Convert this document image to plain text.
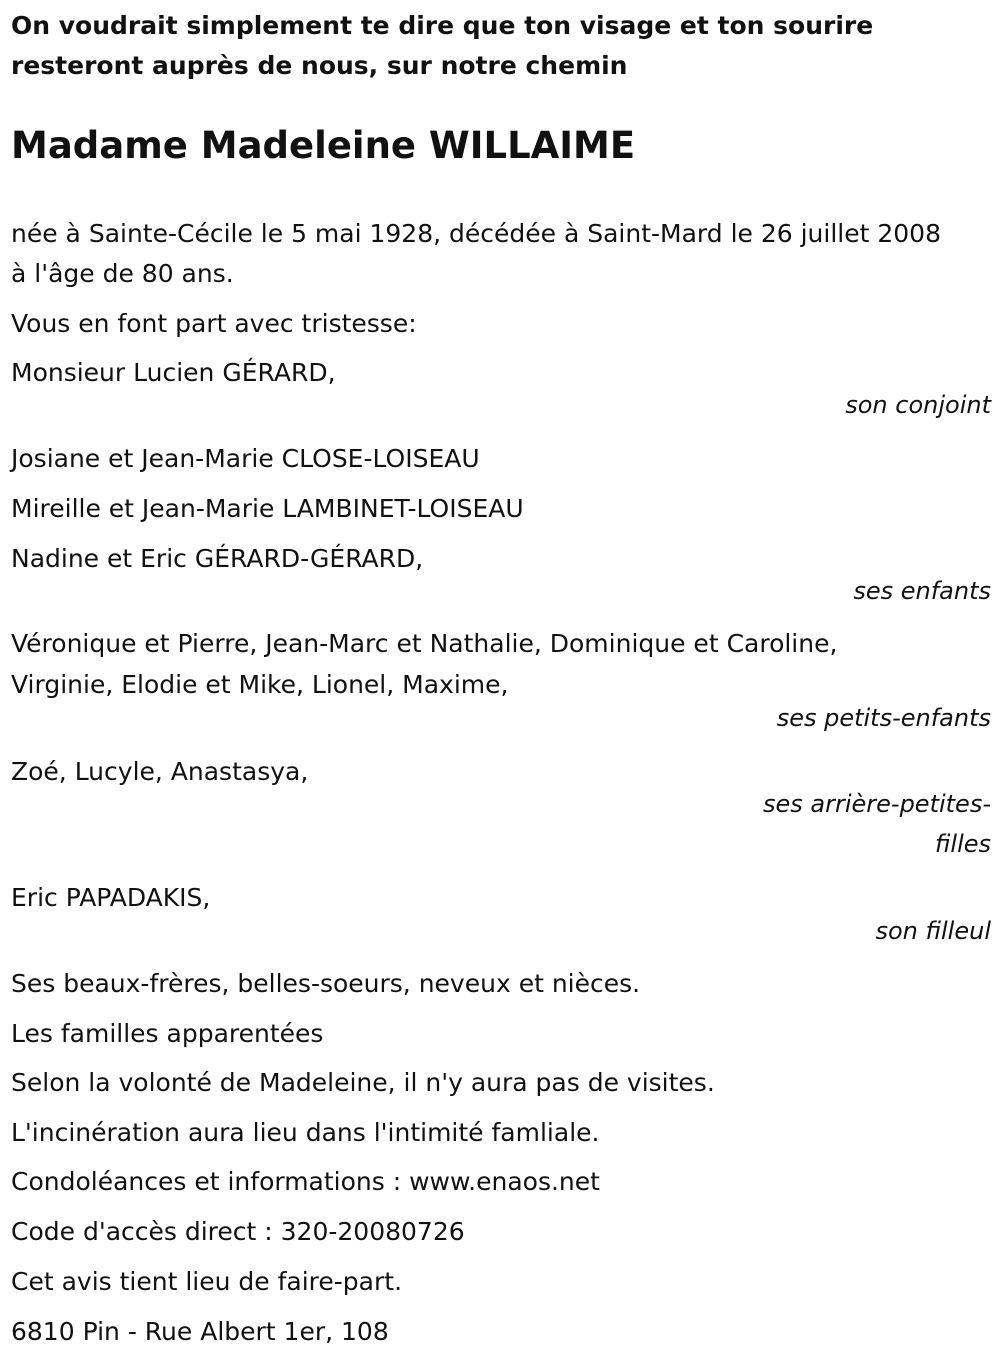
On voudrait simplement te dire que ton visage et ton sourire
resteront auprès de nous, sur notre chemin
Madame Madeleine WILLAIME
née à Sainte-Cécile le 5 mai 1928, décédée à Saint-Mard le 26 juillet 2008
à l'âge de 80 ans.
Vous en font part avec tristesse:
Monsieur Lucien GÉRARD,
son conjoint
Josiane et Jean-Marie CLOSE-LOISEAU
Mireille et Jean-Marie LAMBINET-LOISEAU
Nadine et Eric GÉRARD-GÉRARD,
ses enfants
Véronique et Pierre, Jean-Marc et Nathalie, Dominique et Caroline,
Virginie, Elodie et Mike, Lionel, Maxime,
ses petits-enfants
Zoé, Lucyle, Anastasya,
ses arrière-petites-
filles
Eric PAPADAKIS,
son filleul
Ses beaux-frères, belles-soeurs, neveux et nièces.
Les familles apparentées
Selon la volonté de Madeleine, il n'y aura pas de visites.
L'incinération aura lieu dans l'intimité famliale.
Condoléances et informations : www.enaos.net
Code d'accès direct : 320-20080726
Cet avis tient lieu de faire-part.
6810 Pin - Rue Albert 1er, 108
